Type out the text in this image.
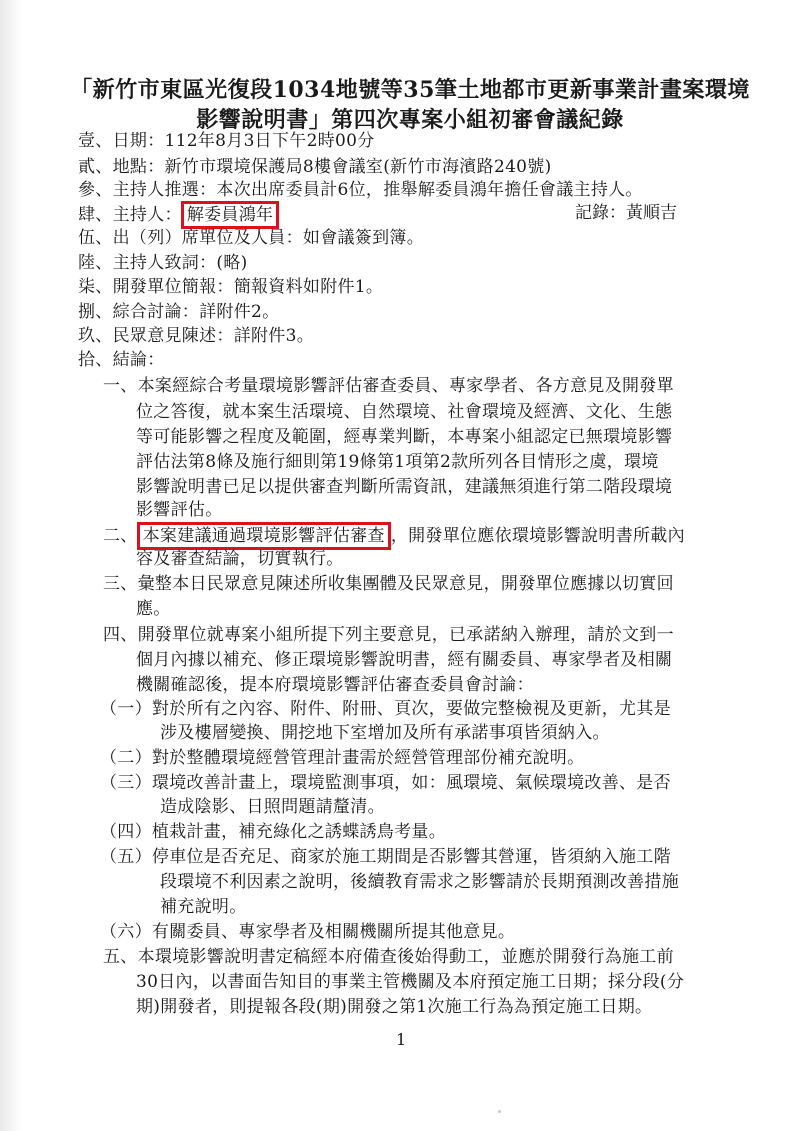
「新竹市東區光復段1034地號等35筆土地都市更新事業計畫案環境
影響說明書」第四次專案小組初審會議紀錄
壹、日期：112年8月3日下午2時00分
貳、地點：新竹市環境保護局8樓會議室(新竹市海濱路240號)
參、主持人推選：本次出席委員計6位，推舉解委員鴻年擔任會議主持人。
肆、主持人： 解委員鴻年	記錄：黃順吉
伍、出（列）席單位及人員：如會議簽到簿。
陸、主持人致詞：(略)
柒、開發單位簡報：簡報資料如附件1。
捌、綜合討論：詳附件2。
玖、民眾意見陳述：詳附件3。
拾、結論：
一、本案經綜合考量環境影響評估審查委員、專家學者、各方意見及開發單
位之答復，就本案生活環境、自然環境、社會環境及經濟、文化、生態
等可能影響之程度及範圍，經專業判斷，本專案小組認定已無環境影響
評估法第8條及施行細則第19條第1項第2款所列各目情形之虞，環境
影響說明書已足以提供審查判斷所需資訊，建議無須進行第二階段環境
影響評估。
二、 本案建議通過環境影響評估審查 ，開發單位應依環境影響說明書所載內
容及審查結論，切實執行。
三、彙整本日民眾意見陳述所收集團體及民眾意見，開發單位應據以切實回
應。
四、開發單位就專案小組所提下列主要意見，已承諾納入辦理，請於文到一
個月內據以補充、修正環境影響說明書，經有關委員、專家學者及相關
機關確認後，提本府環境影響評估審查委員會討論：
（一）對於所有之內容、附件、附冊、頁次，要做完整檢視及更新，尤其是
涉及樓層變換、開挖地下室增加及所有承諾事項皆須納入。
（二）對於整體環境經營管理計畫需於經營管理部份補充說明。
（三）環境改善計畫上，環境監測事項，如：風環境、氣候環境改善、是否
造成陰影、日照問題請釐清。
（四）植栽計畫，補充綠化之誘蝶誘鳥考量。
（五）停車位是否充足、商家於施工期間是否影響其營運，皆須納入施工階
段環境不利因素之說明，後續教育需求之影響請於長期預測改善措施
補充說明。
（六）有關委員、專家學者及相關機關所提其他意見。
五、本環境影響說明書定稿經本府備查後始得動工，並應於開發行為施工前
30日內，以書面告知目的事業主管機關及本府預定施工日期；採分段(分
期)開發者，則提報各段(期)開發之第1次施工行為為預定施工日期。
1
